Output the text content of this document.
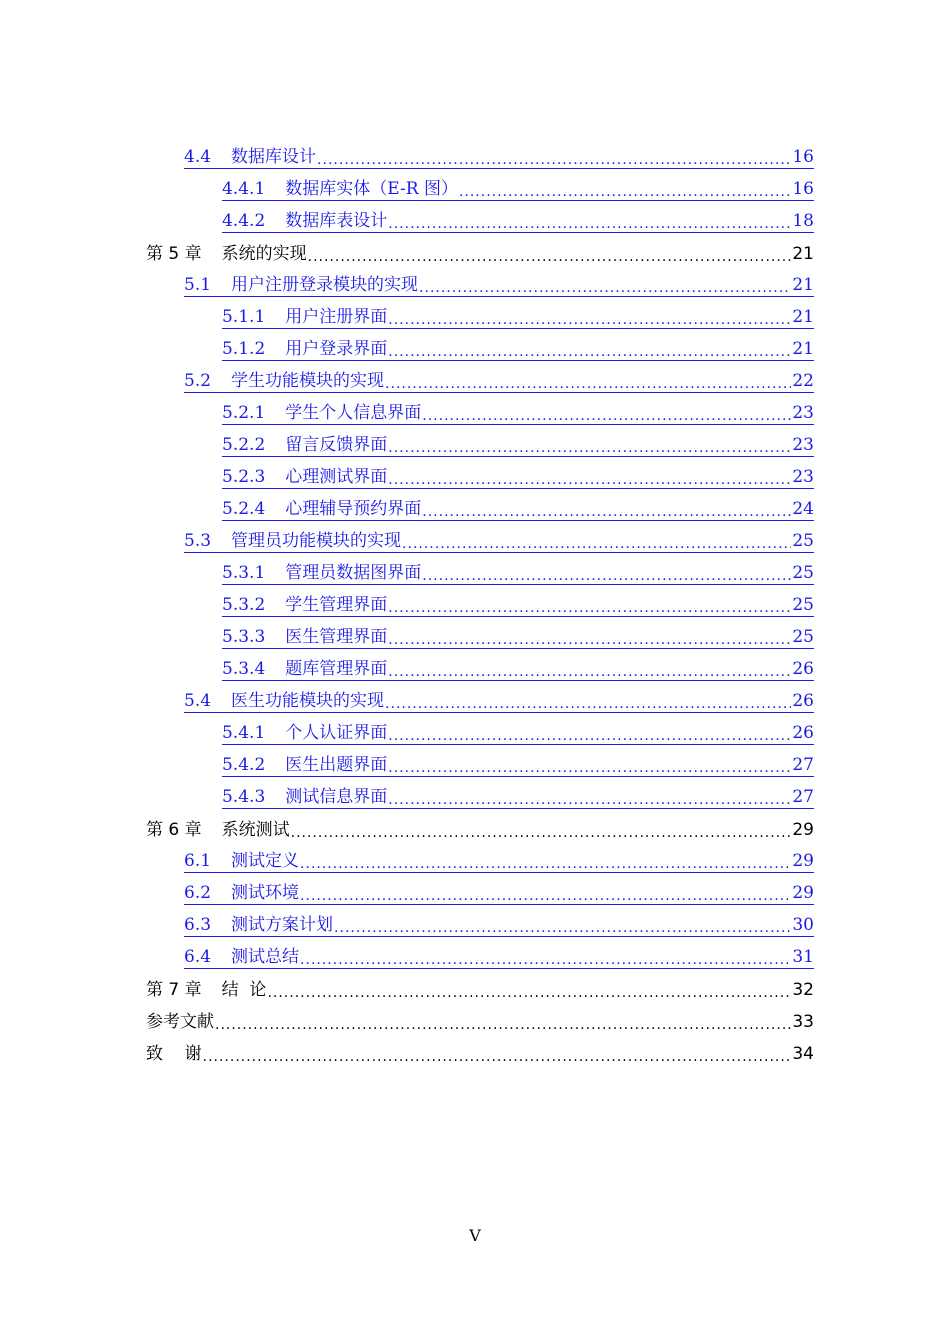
4.4 数据库设计 .....	16
4.4.1 数据库实体（E-R 图） .....	16
4.4.2 数据库表设计 .....	18
第 5 章 系统的实现 .....	21
5.1 用户注册登录模块的实现 .....	21
5.1.1 用户注册界面 .....	21
5.1.2 用户登录界面 .....	21
5.2 学生功能模块的实现 .....	22
5.2.1 学生个人信息界面 .....	23
5.2.2 留言反馈界面 .....	23
5.2.3 心理测试界面 .....	23
5.2.4 心理辅导预约界面 .....	24
5.3 管理员功能模块的实现 .....	25
5.3.1 管理员数据图界面 .....	25
5.3.2 学生管理界面 .....	25
5.3.3 医生管理界面 .....	25
5.3.4 题库管理界面 .....	26
5.4 医生功能模块的实现 .....	26
5.4.1 个人认证界面 .....	26
5.4.2 医生出题界面 .....	27
5.4.3 测试信息界面 .....	27
第 6 章 系统测试 .....	29
6.1 测试定义 .....	29
6.2 测试环境 .....	29
6.3 测试方案计划 .....	30
6.4 测试总结 .....	31
第 7 章 结  论 .....	32
参考文献 .....	33
致    谢 .....	34
V
